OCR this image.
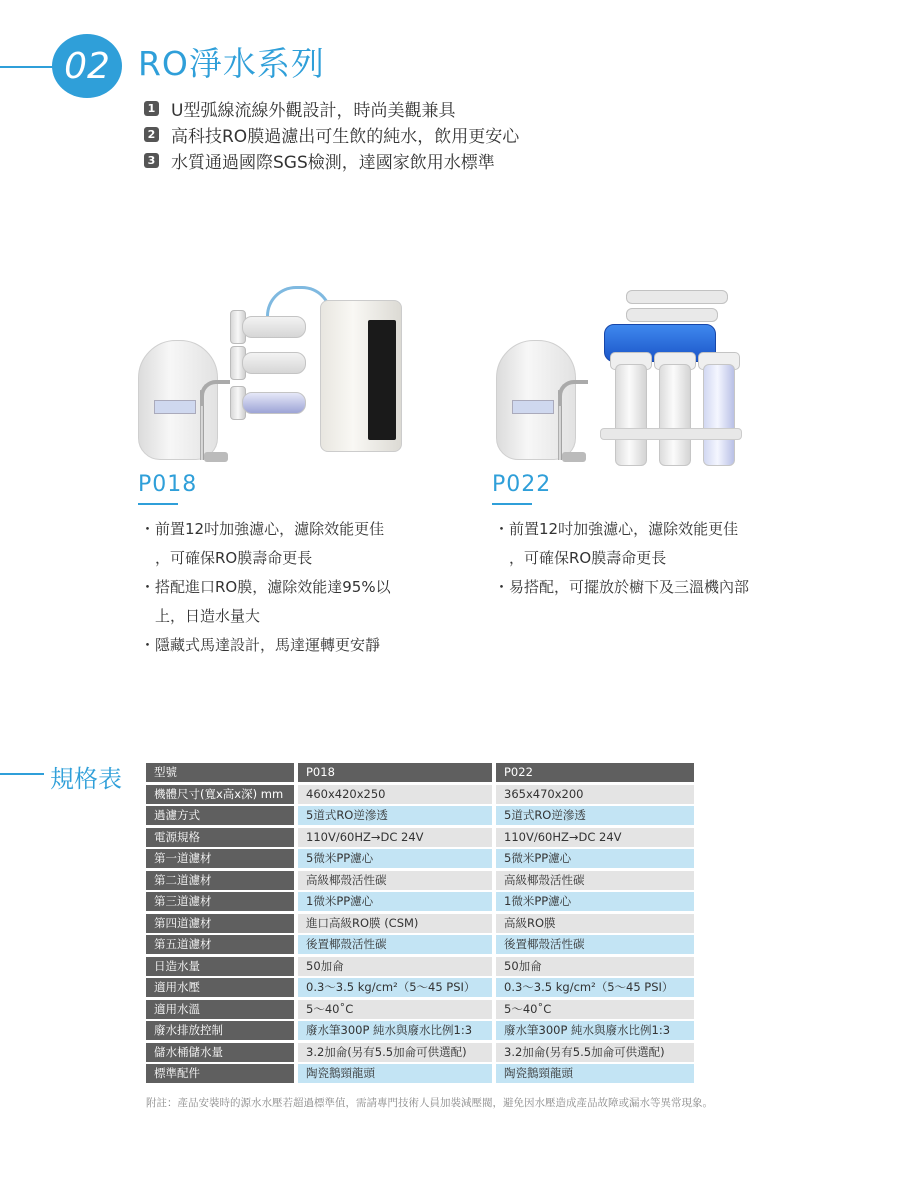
02 RO淨水系列
1 U型弧線流線外觀設計，時尚美觀兼具
2 高科技RO膜過濾出可生飲的純水，飲用更安心
3 水質通過國際SGS檢測，達國家飲用水標準
P018	P022
・前置12吋加強濾心，濾除效能更佳
　，可確保RO膜壽命更長
・搭配進口RO膜，濾除效能達95%以
　上，日造水量大
・隱藏式馬達設計，馬達運轉更安靜
・前置12吋加強濾心，濾除效能更佳
　，可確保RO膜壽命更長
・易搭配，可擺放於櫥下及三溫機內部
規格表	型號	P018	P022
機體尺寸(寬x高x深) mm	460x420x250	365x470x200
過濾方式	5道式RO逆滲透	5道式RO逆滲透
電源規格	110V/60HZ→DC 24V	110V/60HZ→DC 24V
第一道濾材	5微米PP濾心	5微米PP濾心
第二道濾材	高級椰殼活性碳	高級椰殼活性碳
第三道濾材	1微米PP濾心	1微米PP濾心
第四道濾材	進口高級RO膜 (CSM)	高級RO膜
第五道濾材	後置椰殼活性碳	後置椰殼活性碳
日造水量	50加侖	50加侖
適用水壓	0.3～3.5 kg/cm²（5～45 PSI）	0.3～3.5 kg/cm²（5～45 PSI）
適用水溫	5～40˚C	5～40˚C
廢水排放控制	廢水筆300P 純水與廢水比例1:3	廢水筆300P 純水與廢水比例1:3
儲水桶儲水量	3.2加侖(另有5.5加侖可供選配)	3.2加侖(另有5.5加侖可供選配)
標準配件	陶瓷鵝頸龍頭	陶瓷鵝頸龍頭
附註：產品安裝時的源水水壓若超過標準值，需請專門技術人員加裝減壓閥，避免因水壓造成產品故障或漏水等異常現象。
